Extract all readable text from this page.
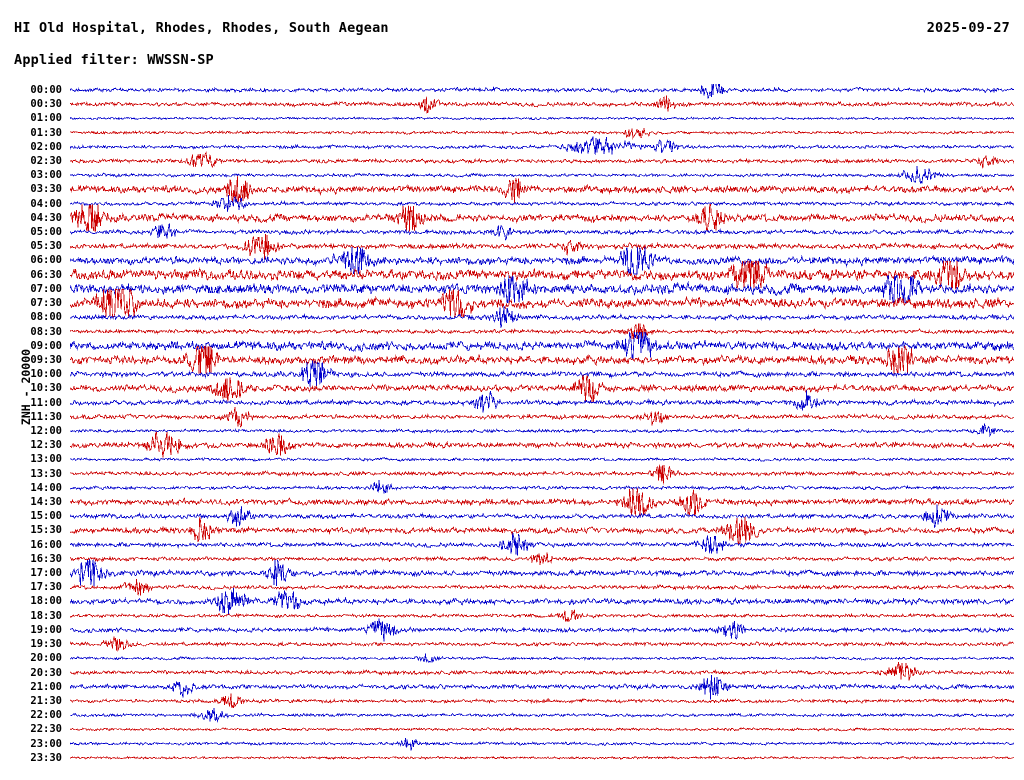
HI Old Hospital, Rhodes, Rhodes, South Aegean	2025-09-27
Applied filter: WWSSN-SP
ZNH - 20000
00:00
00:30
01:00
01:30
02:00
02:30
03:00
03:30
04:00
04:30
05:00
05:30
06:00
06:30
07:00
07:30
08:00
08:30
09:00
09:30
10:00
10:30
11:00
11:30
12:00
12:30
13:00
13:30
14:00
14:30
15:00
15:30
16:00
16:30
17:00
17:30
18:00
18:30
19:00
19:30
20:00
20:30
21:00
21:30
22:00
22:30
23:00
23:30
